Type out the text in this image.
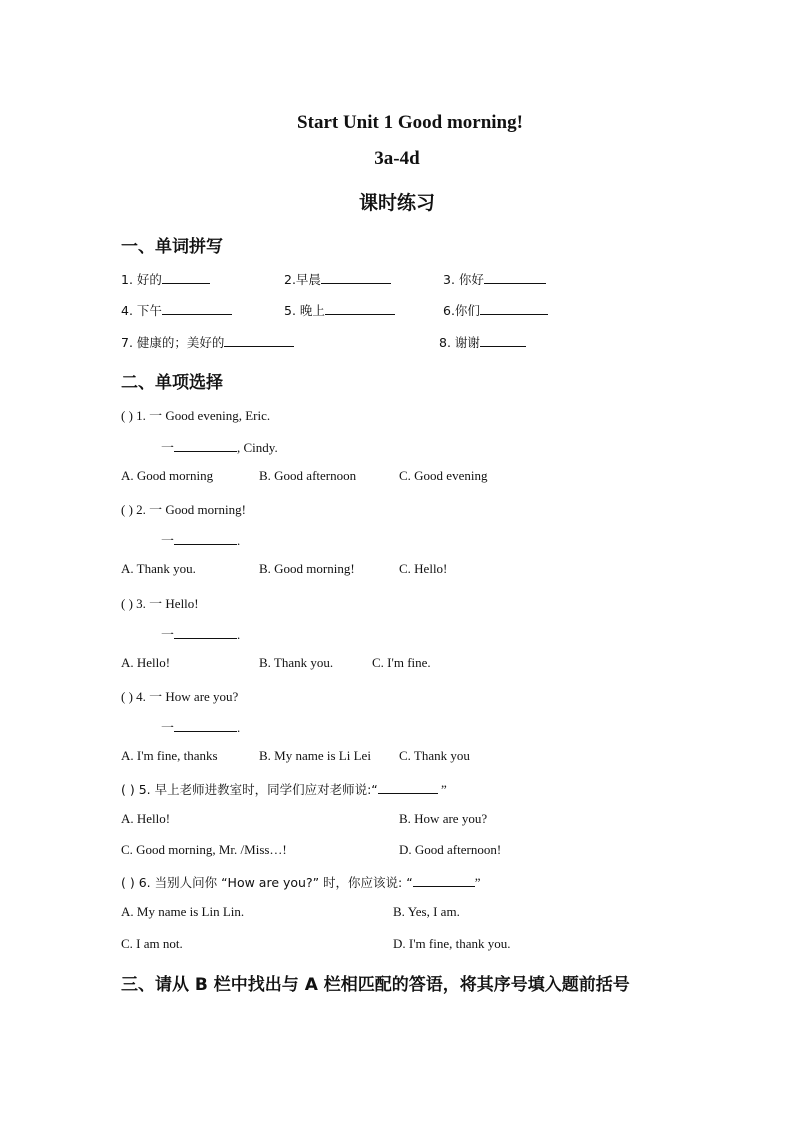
Start Unit 1 Good morning!
3a-4d
课时练习
一、单词拼写
1. 好的	2.早晨	3. 你好
4. 下午	5. 晚上	6.你们
7. 健康的；美好的	8. 谢谢
二、单项选择
( ) 1. 一 Good evening, Eric.
一	, Cindy.
A. Good morning	B. Good afternoon	C. Good evening
( ) 2. 一 Good morning!
一	.
A. Thank you.	B. Good morning!	C. Hello!
( ) 3. 一 Hello!
一	.
A. Hello!	B. Thank you.	C. I'm fine.
( ) 4. 一 How are you?
一	.
A. I'm fine, thanks	B. My name is Li Lei C. Thank you
( ) 5. 早上老师进教室时，同学们应对老师说:“	”
A. Hello!	B. How are you?
C. Good morning, Mr. /Miss…!	D. Good afternoon!
( ) 6. 当别人问你 “How are you?” 时，你应该说: “	”
A. My name is Lin Lin.	B. Yes, I am.
C. I am not.	D. I'm fine, thank you.
三、请从 B 栏中找出与 A 栏相匹配的答语，将其序号填入题前括号
